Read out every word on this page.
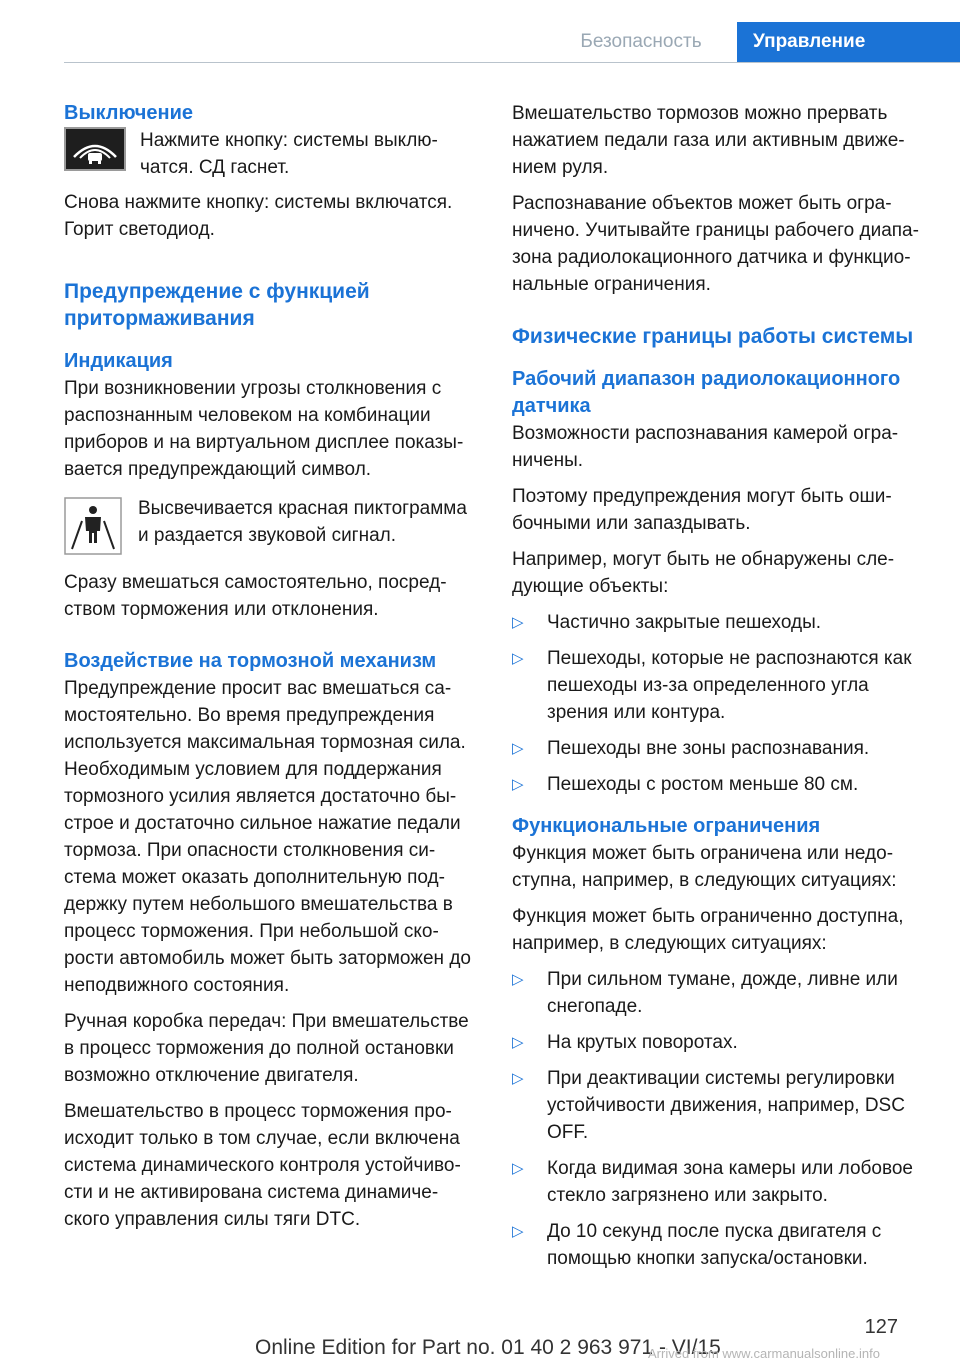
Безопасность	Управление
Выключение
Нажмите кнопку: системы выключатся. СД гаснет.

Снова нажмите кнопку: системы включатся. Горит светодиод.

Предупреждение с функцией притормаживания
Индикация

При возникновении угрозы столкновения с распознанным человеком на комбинации приборов и на виртуальном дисплее показывается предупреждающий символ.

Высвечивается красная пиктограмма и раздается звуковой сигнал.

Сразу вмешаться самостоятельно, посредством торможения или отклонения.

Воздействие на тормозной механизм

Предупреждение просит вас вмешаться самостоятельно. Во время предупреждения используется максимальная тормозная сила. Необходимым условием для поддержания тормозного усилия является достаточно быстрое и достаточно сильное нажатие педали тормоза. При опасности столкновения система может оказать дополнительную поддержку путем небольшого вмешательства в процесс торможения. При небольшой скорости автомобиль может быть заторможен до неподвижного состояния.

Ручная коробка передач: При вмешательстве в процесс торможения до полной остановки возможно отключение двигателя.

Вмешательство в процесс торможения происходит только в том случае, если включена система динамического контроля устойчивости и не активирована система динамического управления силы тяги DTC.

Вмешательство тормозов можно прервать нажатием педали газа или активным движением руля.

Распознавание объектов может быть ограничено. Учитывайте границы рабочего диапазона радиолокационного датчика и функциональные ограничения.

Физические границы работы системы
Рабочий диапазон радиолокационного датчика

Возможности распознавания камерой ограничены.

Поэтому предупреждения могут быть ошибочными или запаздывать.

Например, могут быть не обнаружены следующие объекты:

▷ Частично закрытые пешеходы.
▷ Пешеходы, которые не распознаются как пешеходы из-за определенного угла зрения или контура.
▷ Пешеходы вне зоны распознавания.
▷ Пешеходы с ростом меньше 80 см.
Функциональные ограничения

Функция может быть ограничена или недоступна, например, в следующих ситуациях:

Функция может быть ограниченно доступна, например, в следующих ситуациях:

▷ При сильном тумане, дожде, ливне или снегопаде.
▷ На крутых поворотах.
▷ При деактивации системы регулировки устойчивости движения, например, DSC OFF.
▷ Когда видимая зона камеры или лобовое стекло загрязнено или закрыто.
▷ До 10 секунд после пуска двигателя с помощью кнопки запуска/остановки.
127
Online Edition for Part no. 01 40 2 963 971 - VI/15
Arrived from www.carmanualsonline.info
